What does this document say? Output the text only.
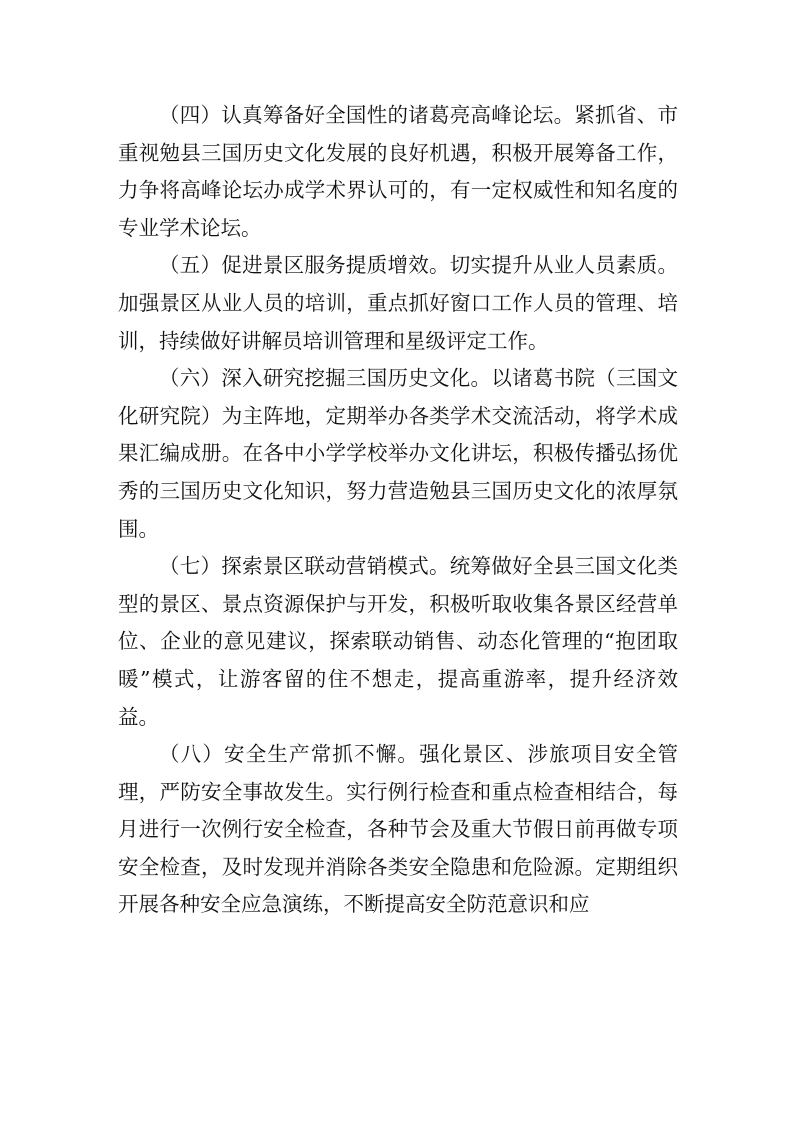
（四）认真筹备好全国性的诸葛亮高峰论坛。紧抓省、市重视勉县三国历史文化发展的良好机遇，积极开展筹备工作，力争将高峰论坛办成学术界认可的，有一定权威性和知名度的专业学术论坛。

（五）促进景区服务提质增效。切实提升从业人员素质。加强景区从业人员的培训，重点抓好窗口工作人员的管理、培训，持续做好讲解员培训管理和星级评定工作。

（六）深入研究挖掘三国历史文化。以诸葛书院（三国文化研究院）为主阵地，定期举办各类学术交流活动，将学术成果汇编成册。在各中小学学校举办文化讲坛，积极传播弘扬优秀的三国历史文化知识，努力营造勉县三国历史文化的浓厚氛围。

（七）探索景区联动营销模式。统筹做好全县三国文化类型的景区、景点资源保护与开发，积极听取收集各景区经营单位、企业的意见建议，探索联动销售、动态化管理的“抱团取暖”模式，让游客留的住不想走，提高重游率，提升经济效益。

（八）安全生产常抓不懈。强化景区、涉旅项目安全管理，严防安全事故发生。实行例行检查和重点检查相结合，每月进行一次例行安全检查，各种节会及重大节假日前再做专项安全检查，及时发现并消除各类安全隐患和危险源。定期组织开展各种安全应急演练，不断提高安全防范意识和应
